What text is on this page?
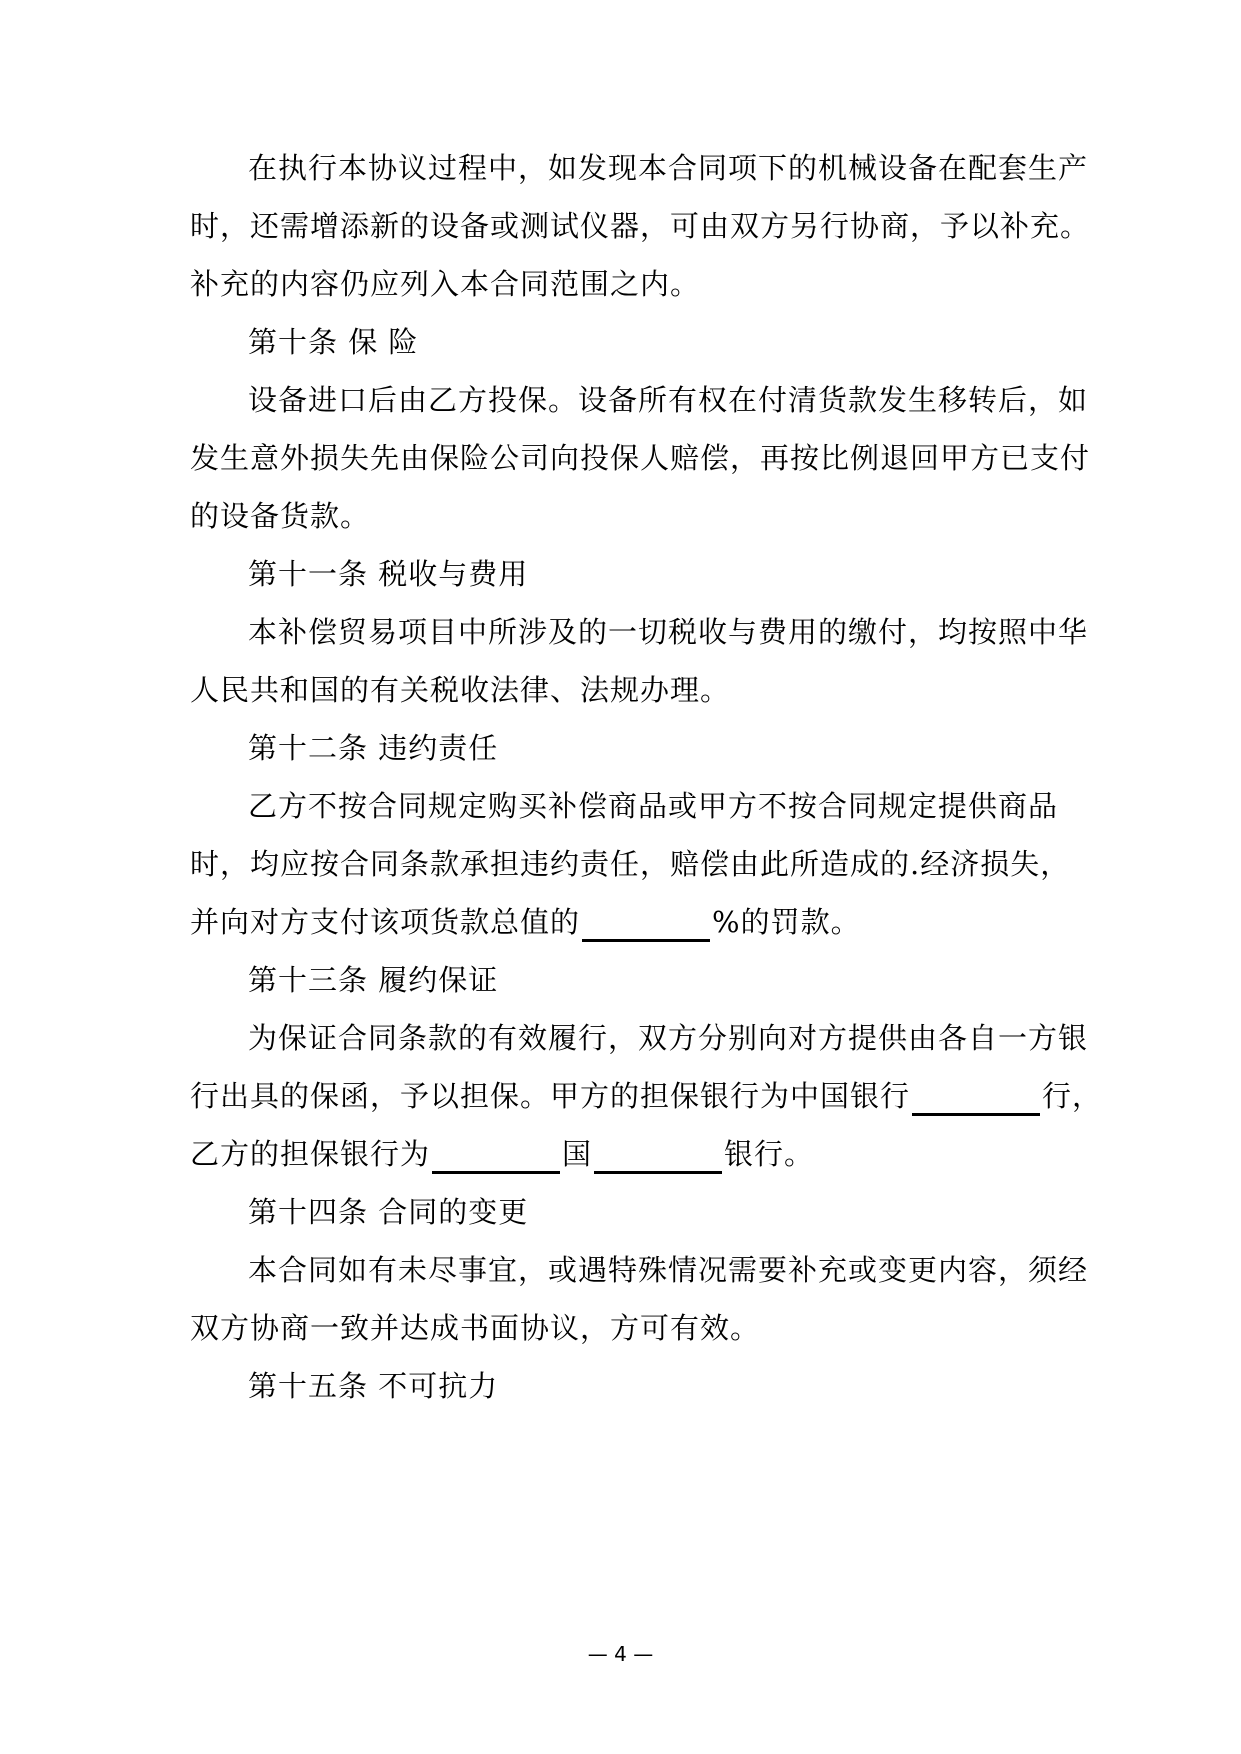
在执行本协议过程中，如发现本合同项下的机械设备在配套生产
时，还需增添新的设备或测试仪器，可由双方另行协商，予以补充。
补充的内容仍应列入本合同范围之内。
第十条 保 险
设备进口后由乙方投保。设备所有权在付清货款发生移转后，如
发生意外损失先由保险公司向投保人赔偿，再按比例退回甲方已支付
的设备货款。
第十一条 税收与费用
本补偿贸易项目中所涉及的一切税收与费用的缴付，均按照中华
人民共和国的有关税收法律、法规办理。
第十二条 违约责任
乙方不按合同规定购买补偿商品或甲方不按合同规定提供商品
时，均应按合同条款承担违约责任，赔偿由此所造成的.经济损失，
并向对方支付该项货款总值的	%的罚款。
第十三条 履约保证
为保证合同条款的有效履行，双方分别向对方提供由各自一方银
行出具的保函，予以担保。甲方的担保银行为中国银行	行，
乙方的担保银行为	国	银行。
第十四条 合同的变更
本合同如有未尽事宜，或遇特殊情况需要补充或变更内容，须经
双方协商一致并达成书面协议，方可有效。
第十五条 不可抗力
— 4 —
